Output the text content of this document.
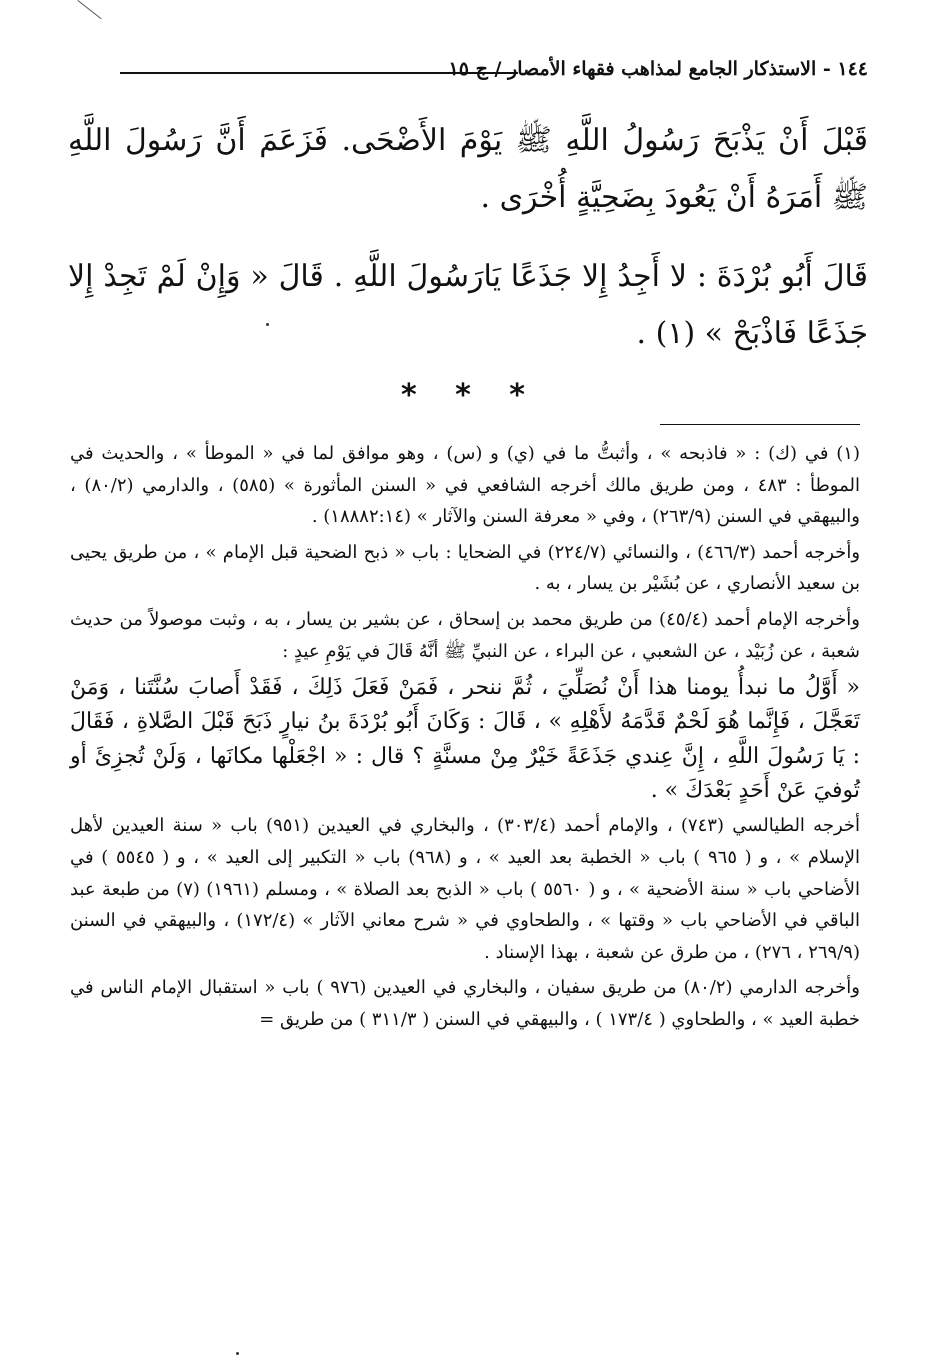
١٤٤ - الاستذكار الجامع لمذاهب فقهاء الأمصار / ج ١٥

قَبْلَ أَنْ يَذْبَحَ رَسُولُ اللَّهِ ﷺ يَوْمَ الأَضْحَى. فَزَعَمَ أَنَّ رَسُولَ اللَّهِ ﷺ أَمَرَهُ أَنْ يَعُودَ بِضَحِيَّةٍ أُخْرَى .

قَالَ أَبُو بُرْدَةَ : لا أَجِدُ إِلا جَذَعًا يَارَسُولَ اللَّهِ . قَالَ « وَإِنْ لَمْ تَجِدْ إِلا جَذَعًا فَاذْبَحْ » (١) .

* * *

(١) في (ك) : « فاذبحه » ، وأثبتُّ ما في (ي) و (س) ، وهو موافق لما في « الموطأ » ، والحديث في الموطأ : ٤٨٣ ، ومن طريق مالك أخرجه الشافعي في « السنن المأثورة » (٥٨٥) ، والدارمي (٨٠/٢) ، والبيهقي في السنن (٢٦٣/٩) ، وفي « معرفة السنن والآثار » (١٨٨٨٢:١٤) .

وأخرجه أحمد (٤٦٦/٣) ، والنسائي (٢٢٤/٧) في الضحايا : باب « ذبح الضحية قبل الإمام » ، من طريق يحيى بن سعيد الأنصاري ، عن بُشَيْر بن يسار ، به .

وأخرجه الإمام أحمد (٤٥/٤) من طريق محمد بن إسحاق ، عن بشير بن يسار ، به ، وثبت موصولاً من حديث شعبة ، عن زُبَيْد ، عن الشعبي ، عن البراء ، عن النبيِّ ﷺ أنَّهُ قَالَ في يَوْمِ عيدٍ :

« أَوَّلُ ما نبدأُ يومنا هذا أَنْ نُصَلِّيَ ، ثُمَّ ننحر ، فَمَنْ فَعَلَ ذَلِكَ ، فَقَدْ أَصابَ سُنَّتَنا ، وَمَنْ تَعَجَّلَ ، فَإِنَّما هُوَ لَحْمٌ قَدَّمَهُ لأَهْلِهِ » ، قَالَ : وَكَانَ أَبُو بُرْدَةَ بنُ نيارٍ ذَبَحَ قَبْلَ الصَّلاةِ ، فَقَالَ : يَا رَسُولَ اللَّهِ ، إِنَّ عِندي جَذَعَةً خَيْرٌ مِنْ مسنَّةٍ ؟ قال : « اجْعَلْها مكانَها ، وَلَنْ تُجزِئَ أو تُوفيَ عَنْ أَحَدٍ بَعْدَكَ » .

أخرجه الطيالسي (٧٤٣) ، والإمام أحمد (٣٠٣/٤) ، والبخاري في العيدين (٩٥١) باب « سنة العيدين لأهل الإسلام » ، و ( ٩٦٥ ) باب « الخطبة بعد العيد » ، و (٩٦٨) باب « التكبير إلى العيد » ، و ( ٥٥٤٥ ) في الأضاحي باب « سنة الأضحية » ، و ( ٥٥٦٠ ) باب « الذبح بعد الصلاة » ، ومسلم (١٩٦١) (٧) من طبعة عبد الباقي في الأضاحي باب « وقتها » ، والطحاوي في « شرح معاني الآثار » (١٧٢/٤) ، والبيهقي في السنن (٢٦٩/٩ ، ٢٧٦) ، من طرق عن شعبة ، بهذا الإسناد .

وأخرجه الدارمي (٨٠/٢) من طريق سفيان ، والبخاري في العيدين (٩٧٦ ) باب « استقبال الإمام الناس في خطبة العيد » ، والطحاوي ( ١٧٣/٤ ) ، والبيهقي في السنن ( ٣١١/٣ ) من طريق =
